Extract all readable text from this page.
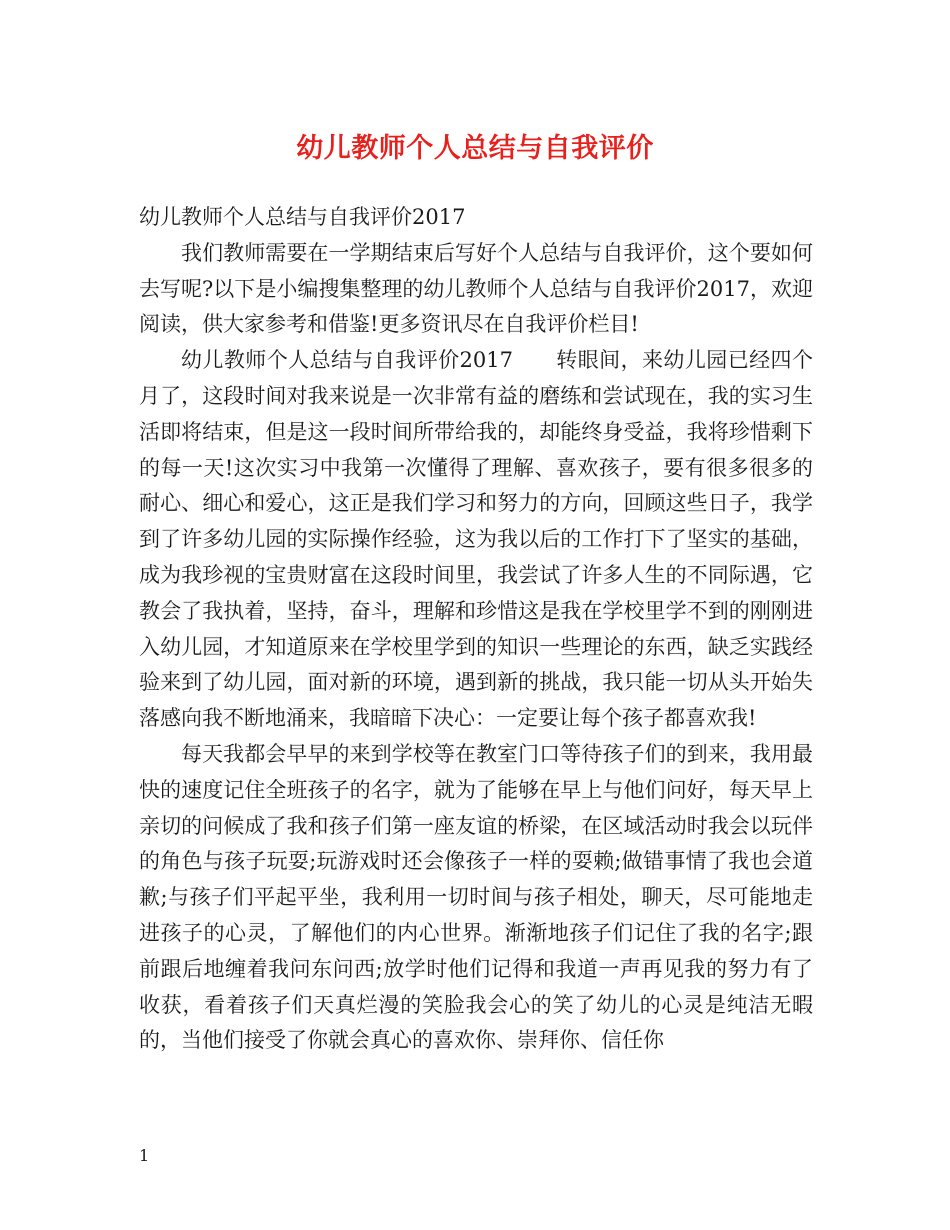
幼儿教师个人总结与自我评价

幼儿教师个人总结与自我评价2017

我们教师需要在一学期结束后写好个人总结与自我评价，这个要如何去写呢?以下是小编搜集整理的幼儿教师个人总结与自我评价2017，欢迎阅读，供大家参考和借鉴!更多资讯尽在自我评价栏目!

幼儿教师个人总结与自我评价2017　　转眼间，来幼儿园已经四个月了，这段时间对我来说是一次非常有益的磨练和尝试现在，我的实习生活即将结束，但是这一段时间所带给我的，却能终身受益，我将珍惜剩下的每一天!这次实习中我第一次懂得了理解、喜欢孩子，要有很多很多的耐心、细心和爱心，这正是我们学习和努力的方向，回顾这些日子，我学到了许多幼儿园的实际操作经验，这为我以后的工作打下了坚实的基础，成为我珍视的宝贵财富在这段时间里，我尝试了许多人生的不同际遇，它教会了我执着，坚持，奋斗，理解和珍惜这是我在学校里学不到的刚刚进入幼儿园，才知道原来在学校里学到的知识一些理论的东西，缺乏实践经验来到了幼儿园，面对新的环境，遇到新的挑战，我只能一切从头开始失落感向我不断地涌来，我暗暗下决心：一定要让每个孩子都喜欢我!

每天我都会早早的来到学校等在教室门口等待孩子们的到来，我用最快的速度记住全班孩子的名字，就为了能够在早上与他们问好，每天早上亲切的问候成了我和孩子们第一座友谊的桥梁，在区域活动时我会以玩伴的角色与孩子玩耍;玩游戏时还会像孩子一样的耍赖;做错事情了我也会道歉;与孩子们平起平坐，我利用一切时间与孩子相处，聊天，尽可能地走进孩子的心灵，了解他们的内心世界。渐渐地孩子们记住了我的名字;跟前跟后地缠着我问东问西;放学时他们记得和我道一声再见我的努力有了收获，看着孩子们天真烂漫的笑脸我会心的笑了幼儿的心灵是纯洁无暇的，当他们接受了你就会真心的喜欢你、崇拜你、信任你

1
